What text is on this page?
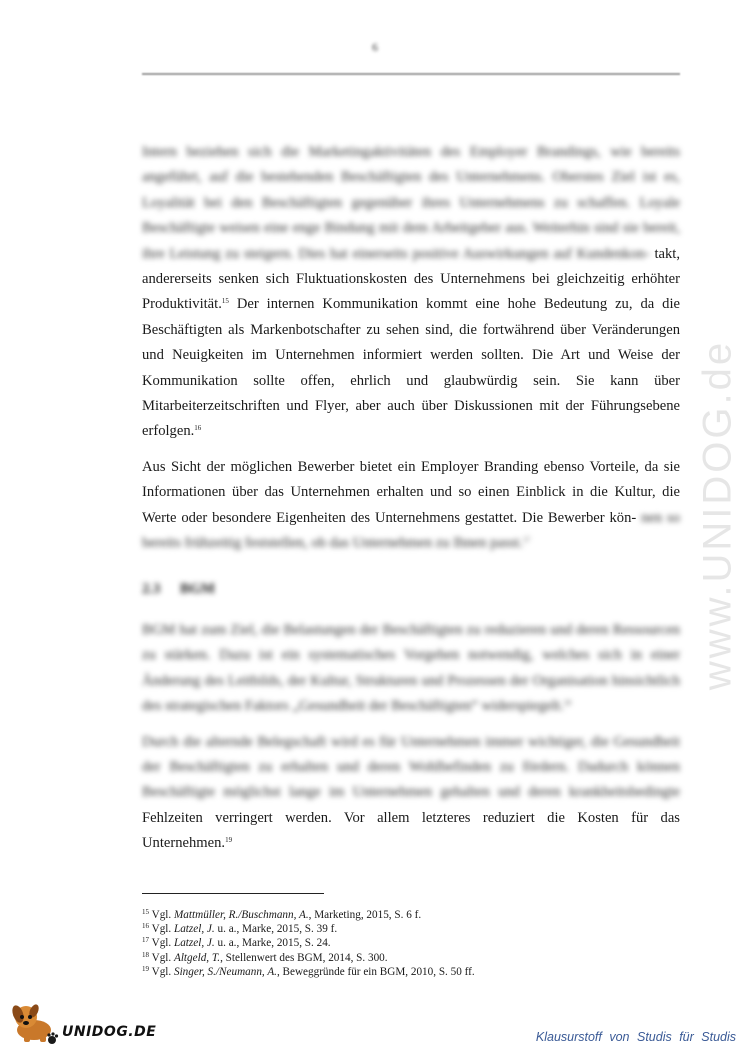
6
www.UNIDOG.de

Intern beziehen sich die Marketingaktivitäten des Employer Brandings, wie bereits angeführt, auf die bestehenden Beschäftigten des Unternehmens. Oberstes Ziel ist es, Loyalität bei den Beschäftigten gegenüber ihres Unternehmens zu schaffen. Loyale Beschäftigte weisen eine enge Bindung mit dem Arbeitgeber aus. Weiterhin sind sie bereit, ihre Leistung zu steigern. Dies hat einerseits positive Auswirkungen auf Kundenkon- takt, andererseits senken sich Fluktuationskosten des Unternehmens bei gleichzeitig erhöhter Produktivität.$^{15}$ Der internen Kommunikation kommt eine hohe Bedeutung zu, da die Beschäftigten als Markenbotschafter zu sehen sind, die fortwährend über Veränderungen und Neuigkeiten im Unternehmen informiert werden sollten. Die Art und Weise der Kommunikation sollte offen, ehrlich und glaubwürdig sein. Sie kann über Mitarbeiterzeitschriften und Flyer, aber auch über Diskussionen mit der Führungsebene erfolgen.$^{16}$

Aus Sicht der möglichen Bewerber bietet ein Employer Branding ebenso Vorteile, da sie Informationen über das Unternehmen erhalten und so einen Einblick in die Kultur, die Werte oder besondere Eigenheiten des Unternehmens gestattet. Die Bewerber kön- nen so bereits frühzeitig feststellen, ob das Unternehmen zu Ihnen passt.$^{17}$

2.3 BGM

BGM hat zum Ziel, die Belastungen der Beschäftigten zu reduzieren und deren Ressourcen zu stärken. Dazu ist ein systematisches Vorgehen notwendig, welches sich in einer Änderung des Leitbilds, der Kultur, Strukturen und Prozessen der Organisation hinsichtlich des strategischen Faktors „Gesundheit der Beschäftigten“ widerspiegelt.$^{18}$

Durch die alternde Belegschaft wird es für Unternehmen immer wichtiger, die Gesundheit der Beschäftigten zu erhalten und deren Wohlbefinden zu fördern. Dadurch können Beschäftigte möglichst lange im Unternehmen gehalten und deren krankheitsbedingte Fehlzeiten verringert werden. Vor allem letzteres reduziert die Kosten für das Unternehmen.$^{19}$

$^{15}$ Vgl. Mattmüller, R./Buschmann, A., Marketing, 2015, S. 6 f.
$^{16}$ Vgl. Latzel, J. u. a., Marke, 2015, S. 39 f.
$^{17}$ Vgl. Latzel, J. u. a., Marke, 2015, S. 24.
$^{18}$ Vgl. Altgeld, T., Stellenwert des BGM, 2014, S. 300.
$^{19}$ Vgl. Singer, S./Neumann, A., Beweggründe für ein BGM, 2010, S. 50 ff.
UNIDOG.DE	Klausurstoff von Studis für Studis
